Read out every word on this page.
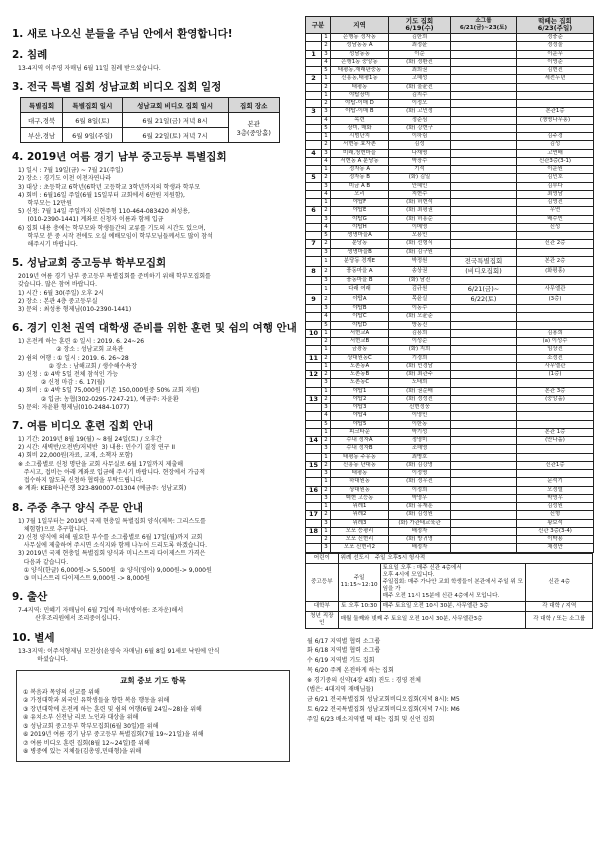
1. 새로 나오신 분들을 주님 안에서 환영합니다!
2. 침례
13-4지역 이주영 자매님 6월 11일 침례 받으셨습니다.
3. 전국 특별 집회 성남교회 비디오 집회 일정
특별집회	특별집회 일시	성남교회 비디오 집회 일시	집회 장소
대구,경북	6월 8일(토)	6월 21일(금) 저녁 8시	본관
3층(중앙홀)
부산,경남	6월 9일(주일)	6월 22일(토) 저녁 7시	
4. 2019년 여름 경기 남부 중고등부 특별집회
1) 일시 : 7월 19일(금) ~ 7월 21(주일)
2) 장소 : 경기도 이천 이천자연나라
3) 대상 : 초등학교 6학년(6학년 고등학교 3학년까지의 학생과 학부모
4) 회비 : 6월16일 주일(6월 15일부터 교회에서 6만원 지원함),
학부모는 12만원
5) 신청: 7월 14일 주일까지 신현주형 110-464-083420 최성용,
(010-2390-1441) 계좌로 신청자 이름과 함께 입금
6) 집회 내용 충에는 학부모와 학생들간의 교류를 기도의 시간도 있으며,
학부모 분 중 시작 전에도 오실 예배모임이 학부모님들께서도 많이 참석
해주시기 바랍니다.
5. 성남교회 중고등부 학부모집회
2019년 여름 경기 남부 중고등부 특별집회를 준비하기 위해 학부모집회를
갖습니다. 많은 참여 바랍니다.
1) 시간 : 6월 30(주일) 오후 2시
2) 장소 : 본관 4층 중고등부실
3) 문의 : 최성용 형제님(010-2390-1441)
6. 경기 인천 권역 대학생 준비를 위한 훈련 및 쉼의 여행 안내
1) 온전케 하는 훈련 ① 일시 : 2019. 6. 24~26
② 장소 : 성남교회 교육관
2) 쉼의 여행 : ① 일시 : 2019. 6. 26~28
② 장소 : 남해교회 / 생수해수욕장
3) 신청 : ① 4박 5일 전체 참석인 가능
② 신청 마감 : 6. 17(월)
4) 회비 : ① 4박 5일 75,000원 (기존 150,000원중 50% 교회 지원)
② 입금: 농협(302-0295-7247-21), 예금주: 자윤환
5) 문의: 자윤환 형제님(010-2484-1077)
7. 여름 비디오 훈련 집회 안내
1) 기간: 2019년 8월 19(월) ~ 8월 24일(토) / 오후간
2) 시간: 새벽반/오전반/저녁반  3) 내용: 민수기 결정 연구 II
4) 회비 22,000원(자료, 교재, 소책자 포함)
※ 소그룹별로 신청 명단을 교회 사무실로 6월 17일까지 제출해
주시고, 접비는 아래 계좌로 입금해 주시기 바랍니다. 현장에서 가급적
접수하지 않도록 신청하 협력을 부탁드립니다.
※ 계좌: KEB하나은행 323-890007-01304 (예금주: 성남교회)
8. 주중 추구 양식 주문 안내
1) 7월 1일부터는 2019년 국제 현충일 특별집회 양식(제목: 그리스도를
체험함)으로 추구합니다.
2) 신청 양식에 의해 필요한 부수를 소그룹별로 6월 17일(월)까지 교회
사무실에 제출하여 주시면 소식지와 함께 나누어 드리도록 하겠습니다.
3) 2019년 국제 현충일 특별집회 양식과 미니스트리 다이제스트 가격은
다음과 같습니다.
① 양식(한글) 6,000원-> 5,500원  ② 양식(영어) 9,000원-> 9,000원
③ 미니스트리 다이제스트 9,000원 -> 8,000원
9. 출산
7-4지역: 민혜기 자매님이 6월 7일에 득녀(방이름: 조자운)해서
산후조리원에서 조리중이십니다.
10. 별세
13-3지역: 이주석형제님 모친상(윤영숙 자매님) 6월 8일 91세로 낙원에 안식
하셨습니다.
교회 중보 기도 항목
① 복음과 목양의 선교를 위해
② 가정대학과 외국인 유학생들을 향한 복음 행동을 위해
③ 장년대학에 온전케 하는 훈련 및 쉼의 여행(6월 24일~28)을 위해
④ 유치소부 신전남 리로 노인과 대상을 위해
⑤ 성남교회 중고등부 학부모집회(6월 30일)를 위해
⑥ 2019년 여름 경기 남부 중고등부 특별집회(7월 19~21일)을 위해
⑦ 여름 비디오 훈련 집회(8월 12~24일)를 위해
⑧ 병중에 있는 지체들(김총영,민태형)을 위해
구분		지역	기도 집회
6/19(수)	소그룹
6/21(금)~23(토)	떡떼는 집회
6/23(주일)
	1	은행동 정자동	김한희		정충준
	2	성남동동 A	최정윤		정정울
1	3	성남동동	이순		이운무
	4	은행1동 중앙동	(화) 정환진		이영준
	5	태평동,재래판중동	최희권		김현진
2	1	신흥동,태평1동	고혜성		세전두년
	2	태평동	(화) 울윤진		
	1	야탑장미	김지수		
	2	야탑-이매 D	이정오		
3	3	야탑-이매 B	(화) 고민정		본관1층
	4	목련	정준심		(챙명나무홍)
	5	장미, 매화	(화) 강현구		
	1	시범단지	이하림		김주경
	2	서현동 효자촌	김성		김성
4	3	미래,청현마을	나재명		고연배
	4	서현동 A 분당동	박장수		신관3층(3-1)
	1	정자동 A	기석		이운원
5	2	정자동 B	(화) 김일		김민호
	3	미금 A B	안혜인		김부다
	4	오리	지현수		최영남
	1	야탑F	(화) 허현석		김영진
6	2	야탑E	(화) 최평권		우연
	3	야탑G	(화) 허흥순		배수빈
	4	야탑H	이메영		신성
	5	생명마을A	오용민		
7	2	분당동	(화) 선형식		신관 2층
	3	생명마을B	(화) 김구원		
	1	분당동 경계E	박정원	전국특별집회	본관 2층
8	2	풍동마을 A	송상권	(비디오집회)	(화평홍)
	3	풍동마을 B	(화) 남진		
	1	다래 여래	김규원	6/21(금)~	사무엘관
9	2	야탑A	목윤실	6/22(토)	(3층)
	3	야탑B	이동수		
	4	야탑C	(화) 오윤준		
	5	야탑D	방동진		
10	1	서현교A	김용희		김용희
	2	서현교B	이성순		(a) 이성수
	1	금광동	(화) 지희		임상진
11	2	상대원동C	기경희		소정진
	1	도촌동A	(화) 민경남		사무엘관
12	2	도촌동B	(화) 최관주		(1층)
	3	도촌동C	도태희		
	1	야탑1	(화) 권순배		본관 3층
13	2	야탑2	(화) 정성진		(중앙홀)
	3	야탑3	신현정웅		
	4	야탑4	이영민		
	5	야탑5	이한동		
	1	피크타운	박기성		본관 1층
14	2	수내 정자A	정영미		(만나홀)
	3	수내 정자B	조해영		
	1	태평동 주유동	최병호		
15	2	신흥동 단대동	(화) 김강영		신관1층
	3	태평동	이정명		
	1	하대원동	(화) 정우진		문석기
16	2	상대원동	이정희		오정렬
	3	백현 고등동	박영우		박영우
	1	위례1	(화) 유재훈		김성원
17	2	위례2	(화) 김성원		신형
	3	위례3	(화) 가관태교육관		황보석
18	1	오포 능평리	배정자		신관 3층(3-4)
	2	오포 신현리	(화) 방귀영		이박용
	3	오포 신현리2	배정자		채정만
어린이	위례 선도시 주일 오후5시 헝사적		
중고등부	주일 11:15~12:10	토요일 오후 : 매주 신관 4층에서
오후 4시에 모입니다.
주일집회: 매주 가나안 교회 학생들이 본관에서 주일 위 모임을 가
매주 오전 11시 15분에 신관 4층에서 모입니다.	신관 4층
대학부	토 오후 10:30	매주 토요일 오전 10시 30분, 사무엘관 3층	각 대학 / 지역
청년 직장인	매월 둘째와 넷째 주 토요일 오전 10시 30분, 사무엘관3층		각 대학 / 또는 소그룹
월 6/17 지역별 협력 소그룹
화 6/18 지역별 협력 소그룹
수 6/19 지역별 기도 집회
목 6/20 주께 온전하게 하는 집회
※ 경기중의 신약(4장 4회) 진도 : 경영 전체
(범은: 4대지역 재배님들)
금 6/21 전국특별집회 성남교회비디오집회(저녁 8시): M5
토 6/22 전국특별집회 성남교회비디오집회(저녁 7시): M6
주일 6/23 배소지역별 떡 때는 집회 및 신언 집회
